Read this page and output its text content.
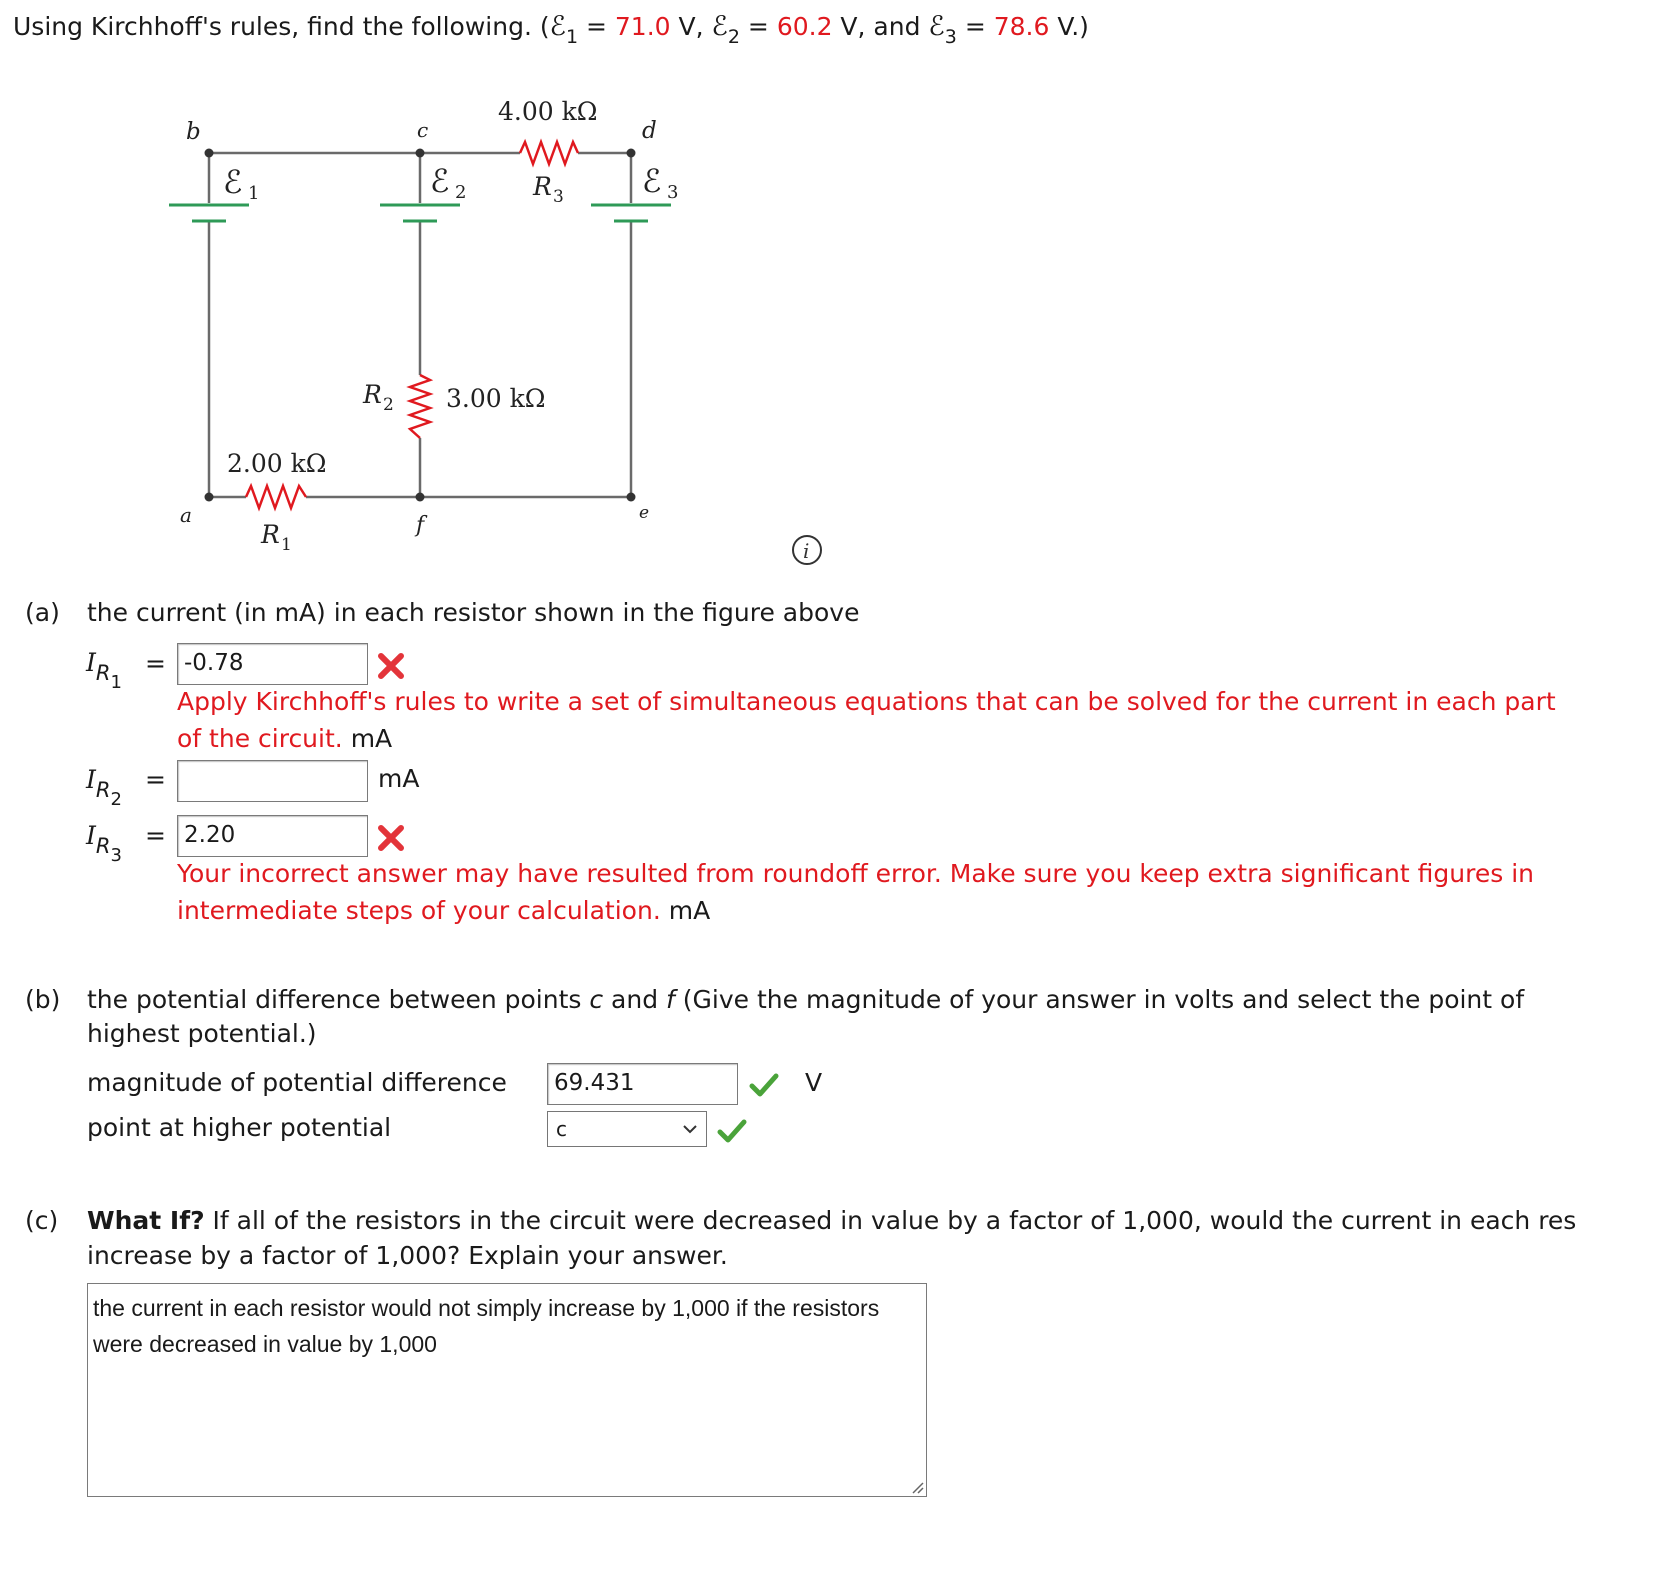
Using Kirchhoff's rules, find the following. (ℰ$_1$ = 71.0 V, ℰ$_2$ = 60.2 V, and ℰ$_3$ = 78.6 V.)
b	c	d
a	f	e
ℰ 1	ℰ 2	ℰ 3
4.00 kΩ
R 3
3.00 kΩ
R 2
2.00 kΩ
R 1	i
(a) the current (in mA) in each resistor shown in the figure above
IR1
= -0.78
Apply Kirchhoff's rules to write a set of simultaneous equations that can be solved for the current in each part of the circuit. mA
IR2
=	mA
IR3
= 2.20
Your incorrect answer may have resulted from roundoff error. Make sure you keep extra significant figures in intermediate steps of your calculation. mA
(b) the potential difference between points c and f (Give the magnitude of your answer in volts and select the point of
highest potential.)
magnitude of potential difference	69.431	V
point at higher potential	c
(c) What If? If all of the resistors in the circuit were decreased in value by a factor of 1,000, would the current in each res
increase by a factor of 1,000? Explain your answer.
the current in each resistor would not simply increase by 1,000 if the resistors were decreased in value by 1,000
